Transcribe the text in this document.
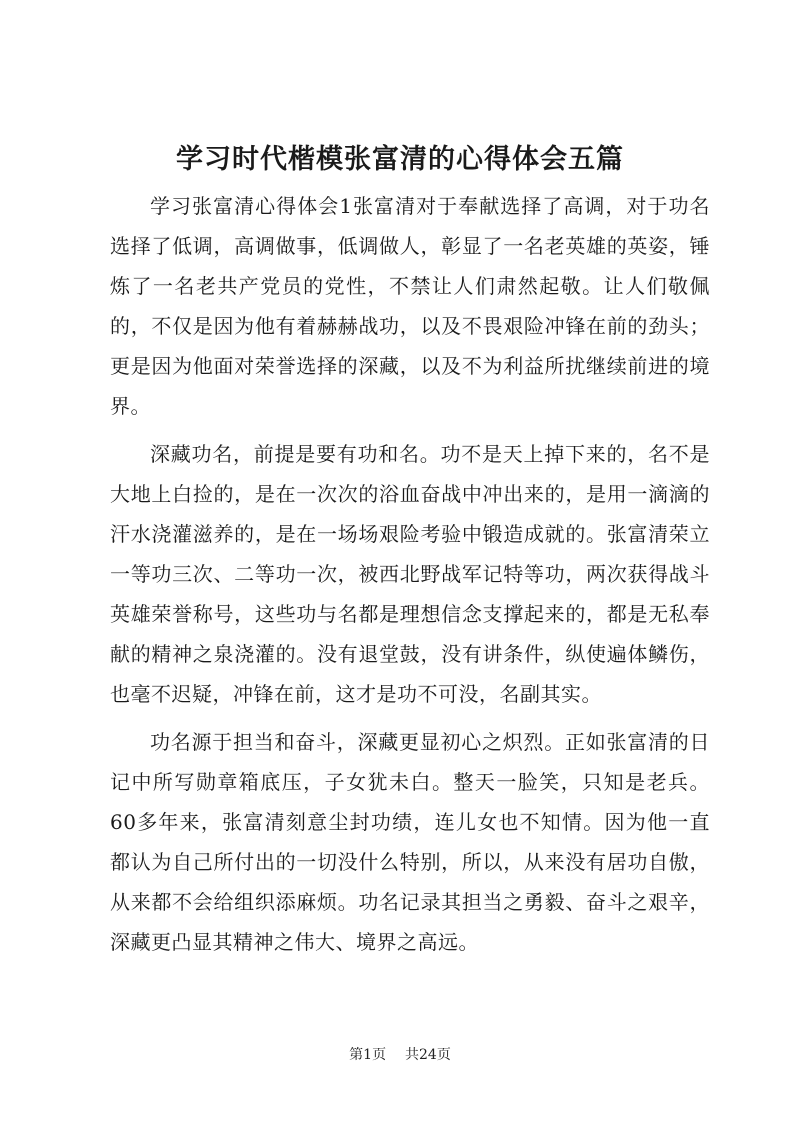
学习时代楷模张富清的心得体会五篇

学习张富清心得体会1张富清对于奉献选择了高调，对于功名选择了低调，高调做事，低调做人，彰显了一名老英雄的英姿，锤炼了一名老共产党员的党性，不禁让人们肃然起敬。让人们敬佩的，不仅是因为他有着赫赫战功，以及不畏艰险冲锋在前的劲头；更是因为他面对荣誉选择的深藏，以及不为利益所扰继续前进的境界。

深藏功名，前提是要有功和名。功不是天上掉下来的，名不是大地上白捡的，是在一次次的浴血奋战中冲出来的，是用一滴滴的汗水浇灌滋养的，是在一场场艰险考验中锻造成就的。张富清荣立一等功三次、二等功一次，被西北野战军记特等功，两次获得战斗英雄荣誉称号，这些功与名都是理想信念支撑起来的，都是无私奉献的精神之泉浇灌的。没有退堂鼓，没有讲条件，纵使遍体鳞伤，也毫不迟疑，冲锋在前，这才是功不可没，名副其实。

功名源于担当和奋斗，深藏更显初心之炽烈。正如张富清的日记中所写勋章箱底压，子女犹未白。整天一脸笑，只知是老兵。60多年来，张富清刻意尘封功绩，连儿女也不知情。因为他一直都认为自己所付出的一切没什么特别，所以，从来没有居功自傲，从来都不会给组织添麻烦。功名记录其担当之勇毅、奋斗之艰辛，深藏更凸显其精神之伟大、境界之高远。

第1页 共24页
